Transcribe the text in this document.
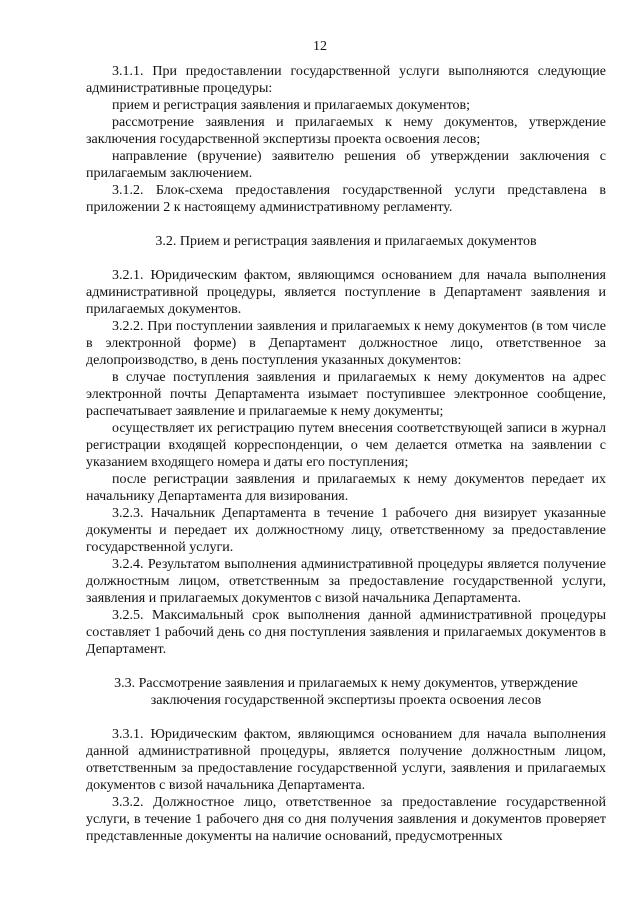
12

3.1.1. При предоставлении государственной услуги выполняются следующие административные процедуры:

прием и регистрация заявления и прилагаемых документов;

рассмотрение заявления и прилагаемых к нему документов, утверждение заключения государственной экспертизы проекта освоения лесов;

направление (вручение) заявителю решения об утверждении заключения с прилагаемым заключением.

3.1.2. Блок-схема предоставления государственной услуги представлена в приложении 2 к настоящему административному регламенту.

3.2. Прием и регистрация заявления и прилагаемых документов

3.2.1. Юридическим фактом, являющимся основанием для начала выполнения административной процедуры, является поступление в Департамент заявления и прилагаемых документов.

3.2.2. При поступлении заявления и прилагаемых к нему документов (в том числе в электронной форме) в Департамент должностное лицо, ответственное за делопроизводство, в день поступления указанных документов:

в случае поступления заявления и прилагаемых к нему документов на адрес электронной почты Департамента изымает поступившее электронное сообщение, распечатывает заявление и прилагаемые к нему документы;

осуществляет их регистрацию путем внесения соответствующей записи в журнал регистрации входящей корреспонденции, о чем делается отметка на заявлении с указанием входящего номера и даты его поступления;

после регистрации заявления и прилагаемых к нему документов передает их начальнику Департамента для визирования.

3.2.3. Начальник Департамента в течение 1 рабочего дня визирует указанные документы и передает их должностному лицу, ответственному за предоставление государственной услуги.

3.2.4. Результатом выполнения административной процедуры является получение должностным лицом, ответственным за предоставление государственной услуги, заявления и прилагаемых документов с визой начальника Департамента.

3.2.5. Максимальный срок выполнения данной административной процедуры составляет 1 рабочий день со дня поступления заявления и прилагаемых документов в Департамент.

3.3. Рассмотрение заявления и прилагаемых к нему документов, утверждение заключения государственной экспертизы проекта освоения лесов

3.3.1. Юридическим фактом, являющимся основанием для начала выполнения данной административной процедуры, является получение должностным лицом, ответственным за предоставление государственной услуги, заявления и прилагаемых документов с визой начальника Департамента.

3.3.2. Должностное лицо, ответственное за предоставление государственной услуги, в течение 1 рабочего дня со дня получения заявления и документов проверяет представленные документы на наличие оснований, предусмотренных
